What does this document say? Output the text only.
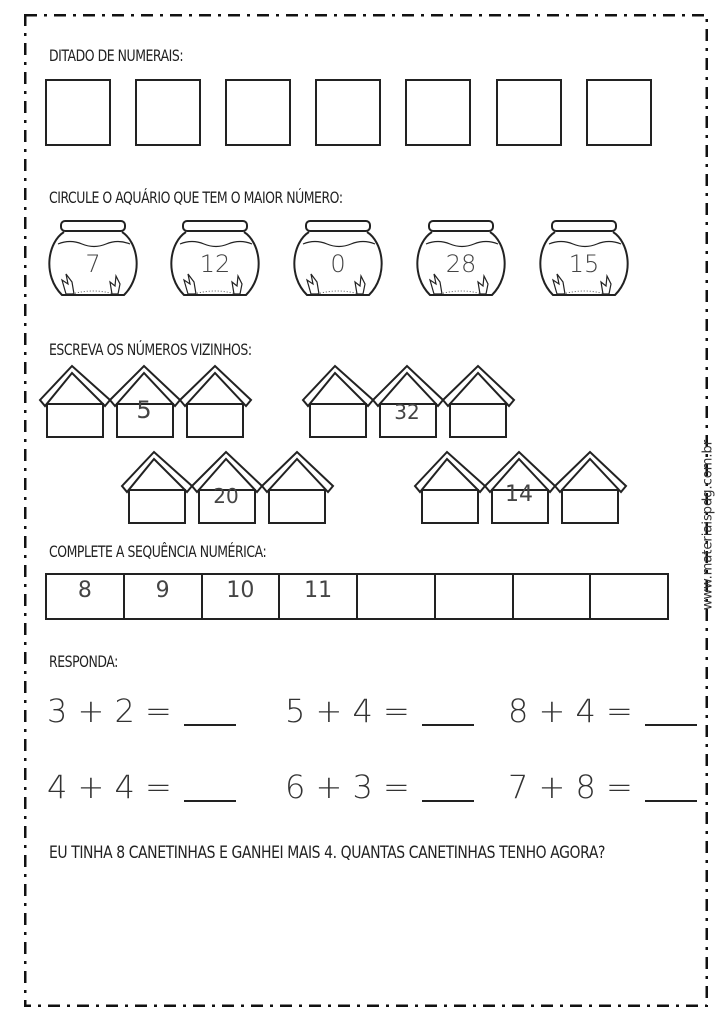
DITADO DE NUMERAIS:
CIRCULE O AQUÁRIO QUE TEM O MAIOR NÚMERO:
7	12	0	28	15
ESCREVA OS NÚMEROS VIZINHOS:
5	32
20	14
COMPLETE A SEQUÊNCIA NUMÉRICA:
8	9	10	11
RESPONDA:
3 + 2 =	5 + 4 =	8 + 4 =
4 + 4 =	6 + 3 =	7 + 8 =
EU TINHA 8 CANETINHAS E GANHEI MAIS 4. QUANTAS CANETINHAS TENHO AGORA?
www.materiaispdg.com.br
